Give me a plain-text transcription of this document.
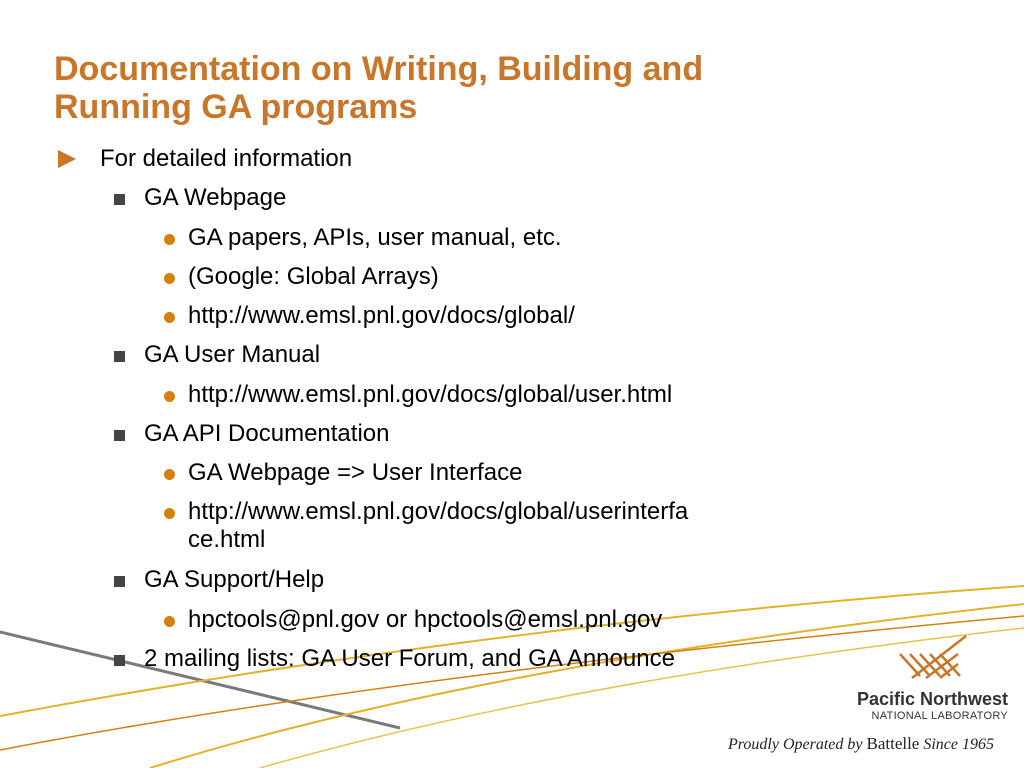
Documentation on Writing, Building and
Running GA programs
For detailed information
GA Webpage
GA papers, APIs, user manual, etc.
(Google: Global Arrays)
http://www.emsl.pnl.gov/docs/global/
GA User Manual
http://www.emsl.pnl.gov/docs/global/user.html
GA API Documentation
GA Webpage => User Interface
http://www.emsl.pnl.gov/docs/global/userinterfa
ce.html
GA Support/Help
hpctools@pnl.gov or hpctools@emsl.pnl.gov
2 mailing lists: GA User Forum, and GA Announce
Pacific Northwest
NATIONAL LABORATORY
Proudly Operated by Battelle Since 1965
